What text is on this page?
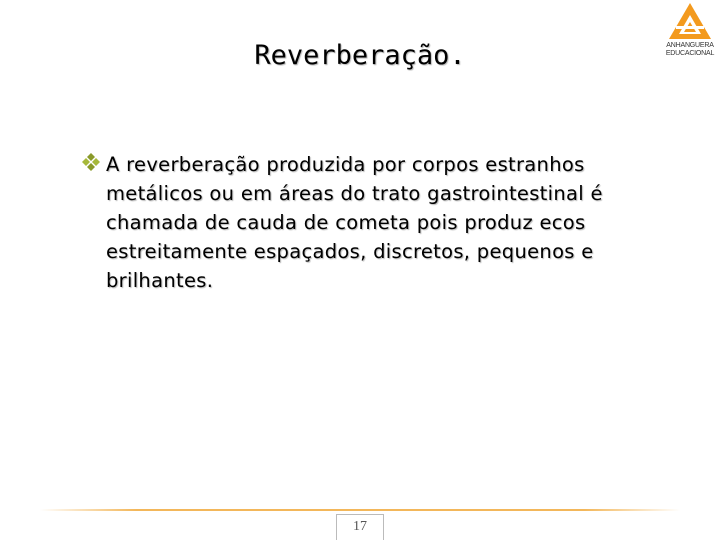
Reverberação.	ANHANGUERA
EDUCACIONAL
A reverberação produzida por corpos estranhos metálicos ou em áreas do trato gastrointestinal é chamada de cauda de cometa pois produz ecos estreitamente espaçados, discretos, pequenos e brilhantes.
17
